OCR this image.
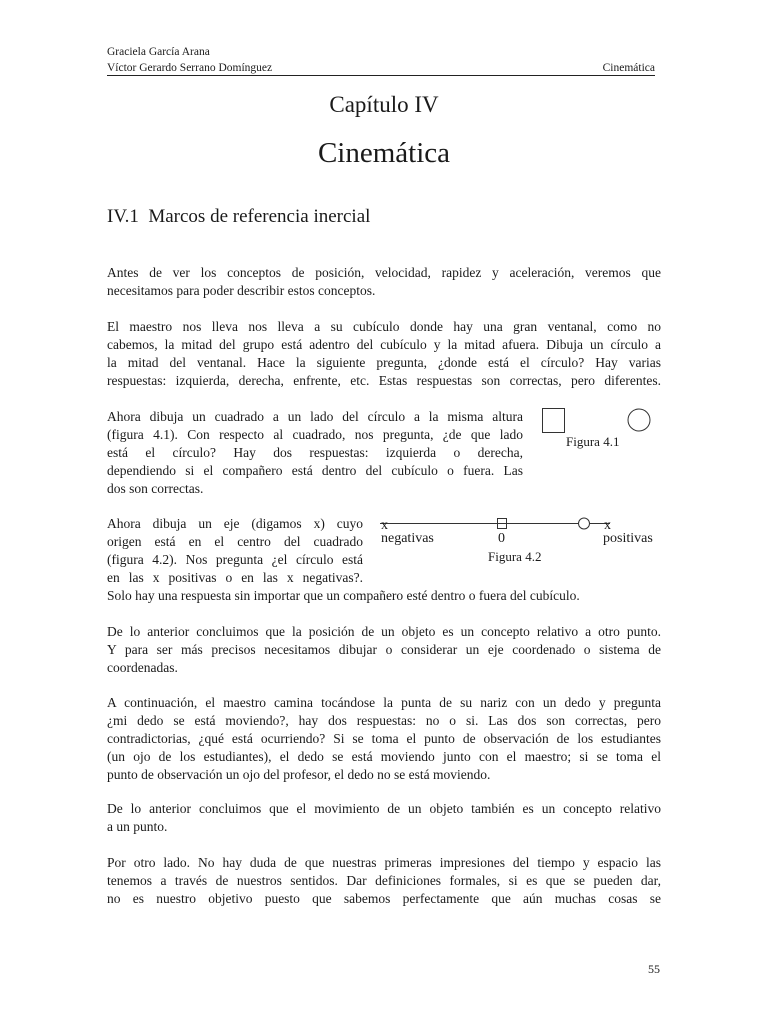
Graciela García Arana
Víctor Gerardo Serrano Domínguez	Cinemática
Capítulo IV
Cinemática
IV.1  Marcos de referencia inercial
Antes de ver los conceptos de posición, velocidad, rapidez y aceleración, veremos que
necesitamos para poder describir estos conceptos.
El maestro nos lleva nos lleva a su cubículo donde hay una gran ventanal, como no
cabemos, la mitad del grupo está adentro del cubículo y la mitad afuera. Dibuja un círculo a
la mitad del ventanal. Hace la siguiente pregunta, ¿donde está el círculo? Hay varias
respuestas: izquierda, derecha, enfrente, etc. Estas respuestas son correctas, pero diferentes.
Ahora dibuja un cuadrado a un lado del círculo a la misma altura
(figura 4.1). Con respecto al cuadrado, nos pregunta, ¿de que lado
está el círculo? Hay dos respuestas: izquierda o derecha,
dependiendo si el compañero está dentro del cubículo o fuera. Las
dos son correctas.
Figura 4.1
Ahora dibuja un eje (digamos x) cuyo
origen está en el centro del cuadrado
(figura 4.2). Nos pregunta ¿el círculo está
en las x positivas o en las x negativas?.
Solo hay una respuesta sin importar que un compañero esté dentro o fuera del cubículo.
x	x
negativas	0	positivas
Figura 4.2
De lo anterior concluimos que la posición de un objeto es un concepto relativo a otro punto.
Y para ser más precisos necesitamos dibujar o considerar un eje coordenado o sistema de
coordenadas.
A continuación, el maestro camina tocándose la punta de su nariz con un dedo y pregunta
¿mi dedo se está moviendo?, hay dos respuestas: no o si. Las dos son correctas, pero
contradictorias, ¿qué está ocurriendo? Si se toma el punto de observación de los estudiantes
(un ojo de los estudiantes), el dedo se está moviendo junto con el maestro; si se toma el
punto de observación un ojo del profesor, el dedo no se está moviendo.
De lo anterior concluimos que el movimiento de un objeto también es un concepto relativo
a un punto.
Por otro lado. No hay duda de que nuestras primeras impresiones del tiempo y espacio las
tenemos a través de nuestros sentidos. Dar definiciones formales, si es que se pueden dar,
no es nuestro objetivo puesto que sabemos perfectamente que aún muchas cosas se
55
